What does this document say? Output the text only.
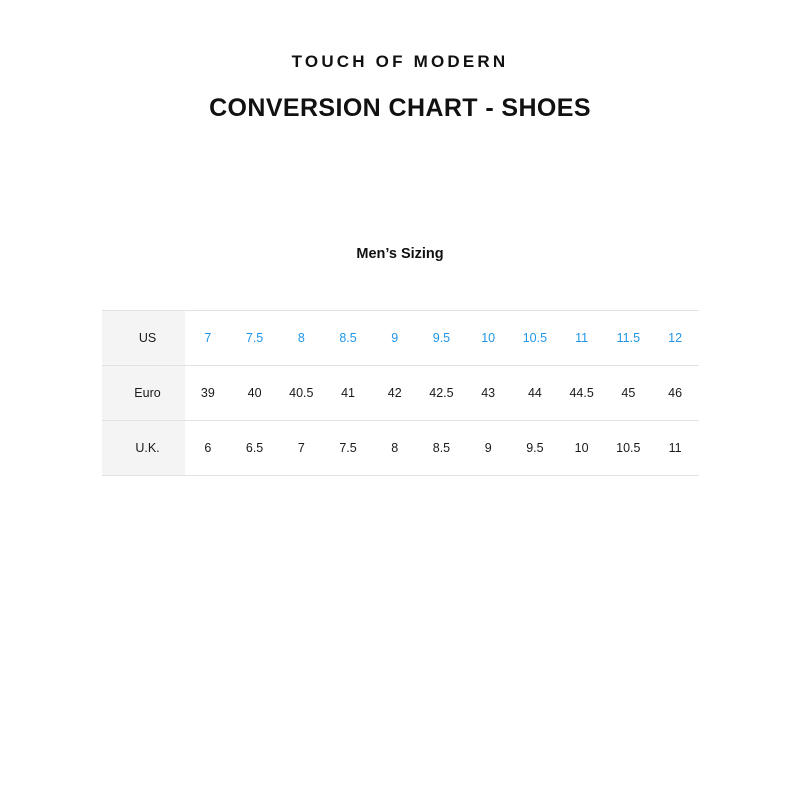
TOUCH OF MODERN
CONVERSION CHART - SHOES
Men’s Sizing
US	7	7.5	8	8.5	9	9.5	10	10.5	11	11.5	12
Euro	39	40	40.5	41	42	42.5	43	44	44.5	45	46
U.K.	6	6.5	7	7.5	8	8.5	9	9.5	10	10.5	11
